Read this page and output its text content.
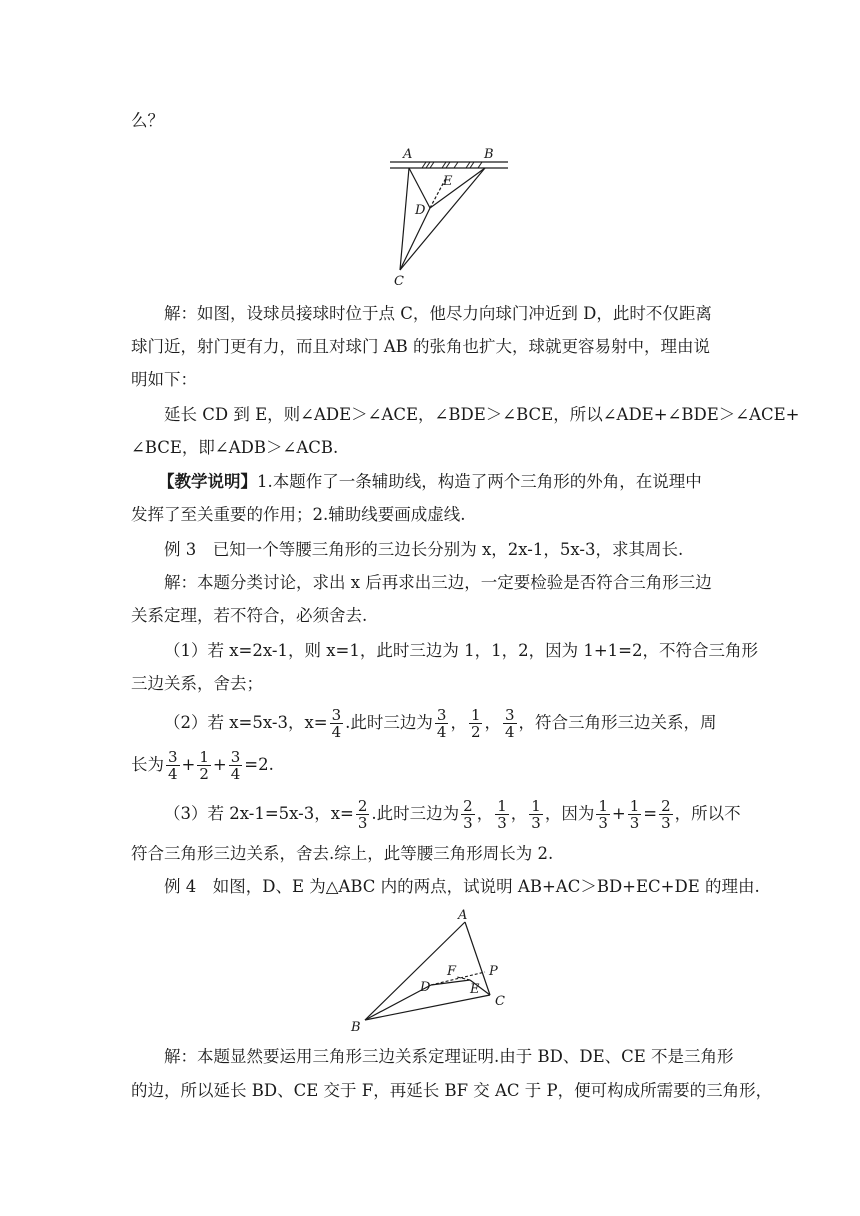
么？
A	B
E
D
C
解：如图，设球员接球时位于点 C，他尽力向球门冲近到 D，此时不仅距离
球门近，射门更有力，而且对球门 AB 的张角也扩大，球就更容易射中，理由说
明如下：
延长 CD 到 E，则∠ADE＞∠ACE，∠BDE＞∠BCE，所以∠ADE+∠BDE＞∠ACE+
∠BCE，即∠ADB＞∠ACB.
【教学说明】1.本题作了一条辅助线，构造了两个三角形的外角，在说理中
发挥了至关重要的作用；2.辅助线要画成虚线.
例 3　已知一个等腰三角形的三边长分别为 x，2x-1，5x-3，求其周长.
解：本题分类讨论，求出 x 后再求出三边，一定要检验是否符合三角形三边
关系定理，若不符合，必须舍去.
（1）若 x=2x-1，则 x=1，此时三边为 1，1，2，因为 1+1=2，不符合三角形
三边关系，舍去；
（2）若 x=5x-3，$x= \frac{3}{4}$ .此时三边为 $\frac{3}{4}$ ， $\frac{1}{2}$ ， $\frac{3}{4}$ ，符合三角形三边关系，周
长为 $\frac{3}{4} + \frac{1}{2} + \frac{3}{4} =2$.
（3）若 2x-1=5x-3，$x= \frac{2}{3}$ .此时三边为 $\frac{2}{3}$ ， $\frac{1}{3}$ ， $\frac{1}{3}$ ，因为 $\frac{1}{3} + \frac{1}{3} = \frac{2}{3}$ ，所以不
符合三角形三边关系，舍去.综上，此等腰三角形周长为 2.
例 4　如图，D、E 为△ABC 内的两点，试说明 AB+AC＞BD+EC+DE 的理由.
A
P
F
D	E
C
B
解：本题显然要运用三角形三边关系定理证明.由于 BD、DE、CE 不是三角形
的边，所以延长 BD、CE 交于 F，再延长 BF 交 AC 于 P，便可构成所需要的三角形，
